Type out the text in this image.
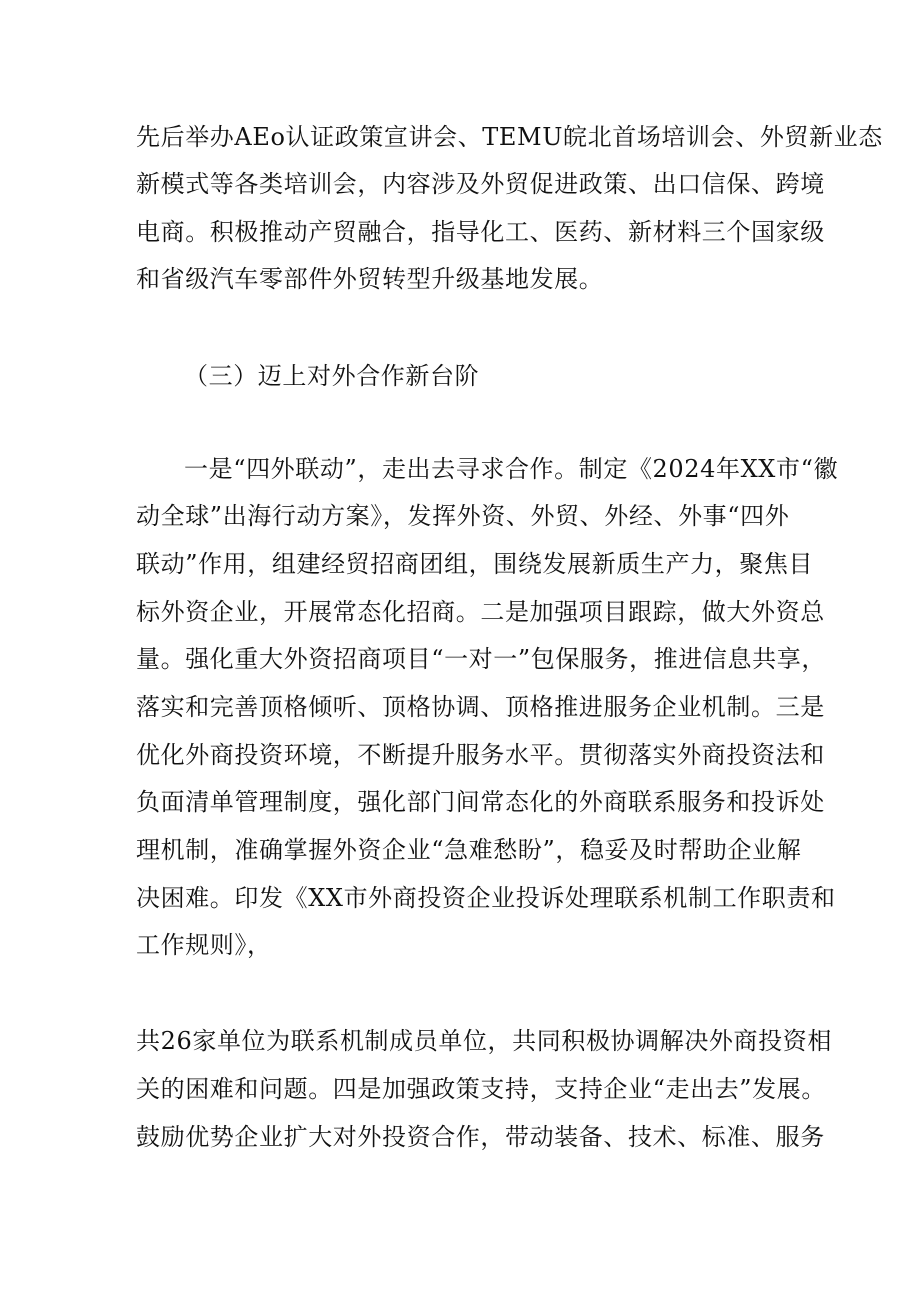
先后举办AEo认证政策宣讲会、TEMU皖北首场培训会、外贸新业态
新模式等各类培训会，内容涉及外贸促进政策、出口信保、跨境
电商。积极推动产贸融合，指导化工、医药、新材料三个国家级
和省级汽车零部件外贸转型升级基地发展。
（三）迈上对外合作新台阶
一是“四外联动”，走出去寻求合作。制定《2024年XX市“徽
动全球”出海行动方案》，发挥外资、外贸、外经、外事“四外
联动”作用，组建经贸招商团组，围绕发展新质生产力，聚焦目
标外资企业，开展常态化招商。二是加强项目跟踪，做大外资总
量。强化重大外资招商项目“一对一”包保服务，推进信息共享，
落实和完善顶格倾听、顶格协调、顶格推进服务企业机制。三是
优化外商投资环境，不断提升服务水平。贯彻落实外商投资法和
负面清单管理制度，强化部门间常态化的外商联系服务和投诉处
理机制，准确掌握外资企业“急难愁盼”，稳妥及时帮助企业解
决困难。印发《XX市外商投资企业投诉处理联系机制工作职责和
工作规则》，
共26家单位为联系机制成员单位，共同积极协调解决外商投资相
关的困难和问题。四是加强政策支持，支持企业“走出去”发展。
鼓励优势企业扩大对外投资合作，带动装备、技术、标准、服务
